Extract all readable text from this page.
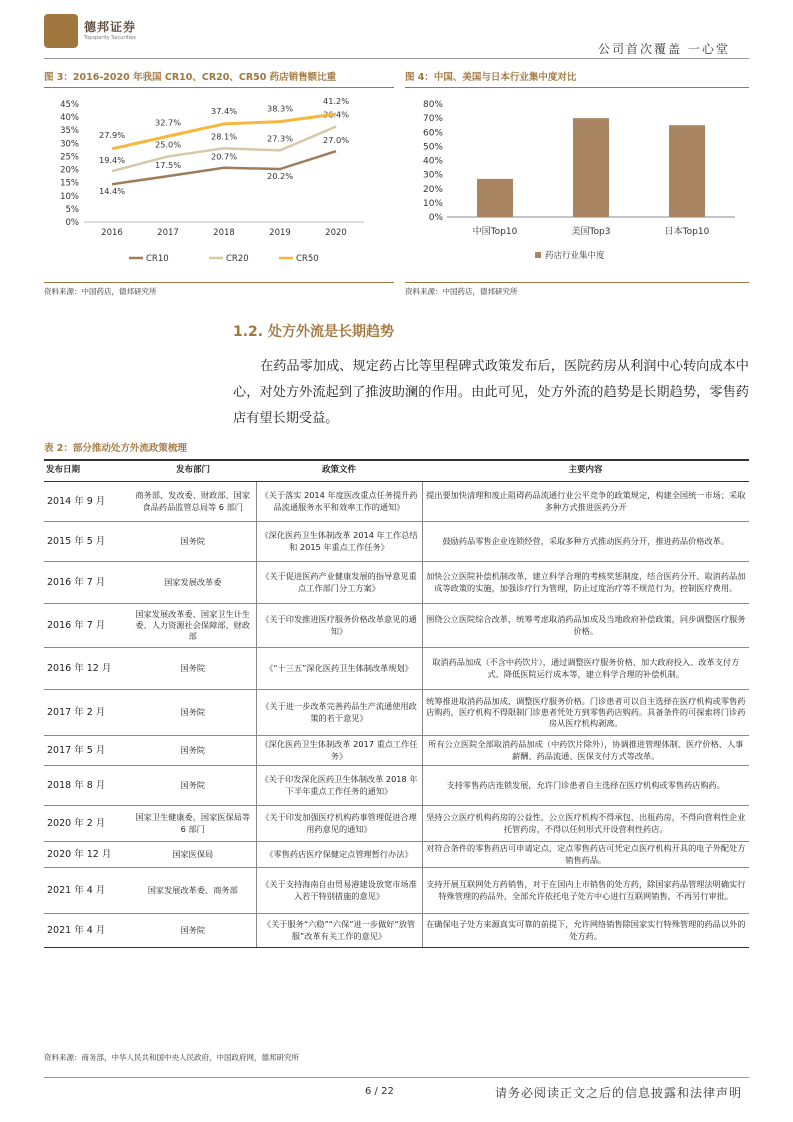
德邦证券
Topsperity Securities
公司首次覆盖 一心堂
图 3：2016-2020 年我国 CR10、CR20、CR50 药店销售额比重
0%
5%
10%
15%
20%
25%
30%
35%
40%
45%
2016	2017	2018	2019	2020
14.4%
17.5%
20.7%
20.2%
27.0%
19.4%
25.0%
28.1%	27.3%
36.4%
27.9%
32.7%
37.4%	38.3%
41.2%
CR10	CR20	CR50
资料来源：中国药店，德邦研究所
图 4：中国、美国与日本行业集中度对比
0%
10%
20%
30%
40%
50%
60%
70%
80%
中国Top10	美国Top3	日本Top10
药店行业集中度
资料来源：中国药店，德邦研究所
1.2. 处方外流是长期趋势
在药品零加成、规定药占比等里程碑式政策发布后，医院药房从利润中心转向成本中心，对处方外流起到了推波助澜的作用。由此可见，处方外流的趋势是长期趋势，零售药店有望长期受益。
表 2：部分推动处方外流政策梳理
发布日期	发布部门	政策文件	主要内容
2014 年 9 月	商务部、发改委、财政部、国家食品药品监管总局等 6 部门	《关于落实 2014 年度医改重点任务提升药品流通服务水平和效率工作的通知》	提出要加快清理和废止阻碍药品流通行业公平竞争的政策规定，构建全国统一市场；采取多种方式推进医药分开
2015 年 5 月	国务院	《深化医药卫生体制改革 2014 年工作总结和 2015 年重点工作任务》	鼓励药品零售企业连锁经营，采取多种方式推动医药分开，推进药品价格改革。
2016 年 7 月	国家发展改革委	《关于促进医药产业健康发展的指导意见重点工作部门分工方案》	加快公立医院补偿机制改革，建立科学合理的考核奖惩制度，结合医药分开、取消药品加成等政策的实施，加强诊疗行为管理，防止过度治疗等不规范行为，控制医疗费用。
2016 年 7 月	国家发展改革委、国家卫生计生委、人力资源社会保障部、财政部	《关于印发推进医疗服务价格改革意见的通知》	围绕公立医院综合改革，统筹考虑取消药品加成及当地政府补偿政策，同步调整医疗服务价格。
2016 年 12 月	国务院	《“十三五”深化医药卫生体制改革规划》	取消药品加成（不含中药饮片），通过调整医疗服务价格、加大政府投入、改革支付方式、降低医院运行成本等，建立科学合理的补偿机制。
2017 年 2 月	国务院	《关于进一步改革完善药品生产流通使用政策的若干意见》	统筹推进取消药品加成、调整医疗服务价格。门诊患者可以自主选择在医疗机构或零售药店购药，医疗机构不得限制门诊患者凭处方到零售药店购药。具备条件的可探索将门诊药房从医疗机构剥离。
2017 年 5 月	国务院	《深化医药卫生体制改革 2017 重点工作任务》	所有公立医院全部取消药品加成（中药饮片除外），协调推进管理体制、医疗价格、人事薪酬、药品流通、医保支付方式等改革。
2018 年 8 月	国务院	《关于印发深化医药卫生体制改革 2018 年下半年重点工作任务的通知》	支持零售药店连锁发展，允许门诊患者自主选择在医疗机构或零售药店购药。
2020 年 2 月	国家卫生健康委，国家医保局等 6 部门	《关于印发加强医疗机构药事管理促进合理用药意见的通知》	坚持公立医疗机构药房的公益性，公立医疗机构不得承包、出租药房，不得向营利性企业托管药房，不得以任何形式开设营利性药店。
2020 年 12 月	国家医保局	《零售药店医疗保健定点管理暂行办法》	对符合条件的零售药店可申请定点，定点零售药店可凭定点医疗机构开具的电子外配处方销售药品。
2021 年 4 月	国家发展改革委、商务部	《关于支持海南自由贸易港建设放宽市场准入若干特别措施的意见》	支持开展互联网处方药销售，对于在国内上市销售的处方药，除国家药品管理法明确实行特殊管理的药品外，全部允许依托电子处方中心进行互联网销售，不再另行审批。
2021 年 4 月	国务院	《关于服务“六稳”“六保”进一步做好“放管服”改革有关工作的意见》	在确保电子处方来源真实可靠的前提下，允许网络销售除国家实行特殊管理的药品以外的处方药。
资料来源：商务部，中华人民共和国中央人民政府，中国政府网，德邦研究所
6 / 22	请务必阅读正文之后的信息披露和法律声明
